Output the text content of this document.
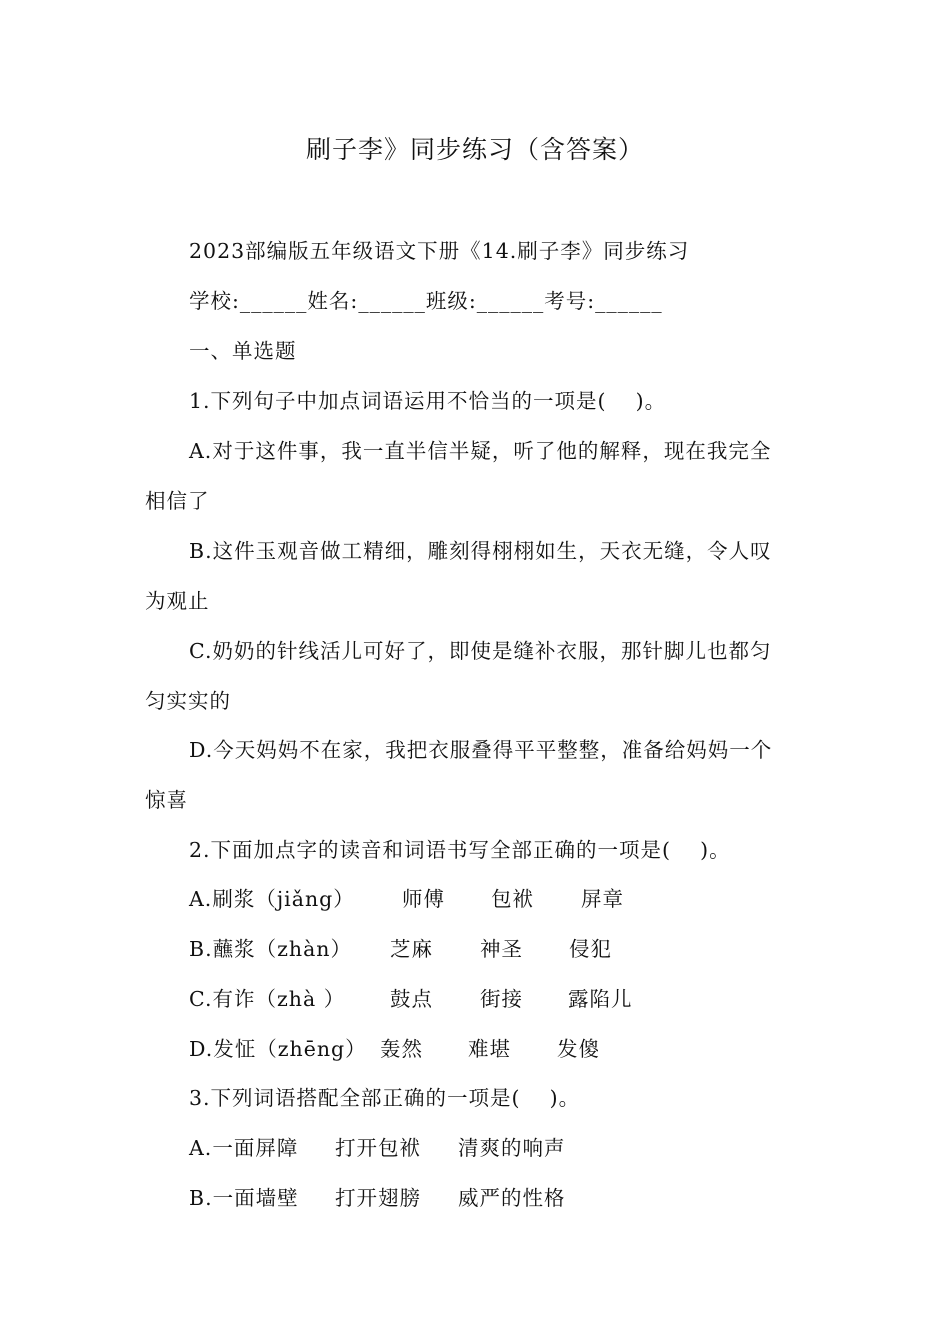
刷子李》同步练习（含答案）
2023部编版五年级语文下册《14.刷子李》同步练习
学校:______姓名:______班级:______考号:______
一、单选题
1.下列句子中加点词语运用不恰当的一项是(　 )。
A.对于这件事，我一直半信半疑，听了他的解释，现在我完全
相信了
B.这件玉观音做工精细，雕刻得栩栩如生，天衣无缝，令人叹
为观止
C.奶奶的针线活儿可好了，即使是缝补衣服，那针脚儿也都匀
匀实实的
D.今天妈妈不在家，我把衣服叠得平平整整，准备给妈妈一个
惊喜
2.下面加点字的读音和词语书写全部正确的一项是(　 )。
A.刷浆（jiǎng） 师傅 包袱 屏章
B.蘸浆（zhàn） 芝麻 神圣 侵犯
C.有诈（zhà ） 鼓点 街接 露陷儿
D.发怔（zhēng） 轰然 难堪 发傻
3.下列词语搭配全部正确的一项是(　 )。
A.一面屏障 打开包袱 清爽的响声
B.一面墙壁 打开翅膀 威严的性格
